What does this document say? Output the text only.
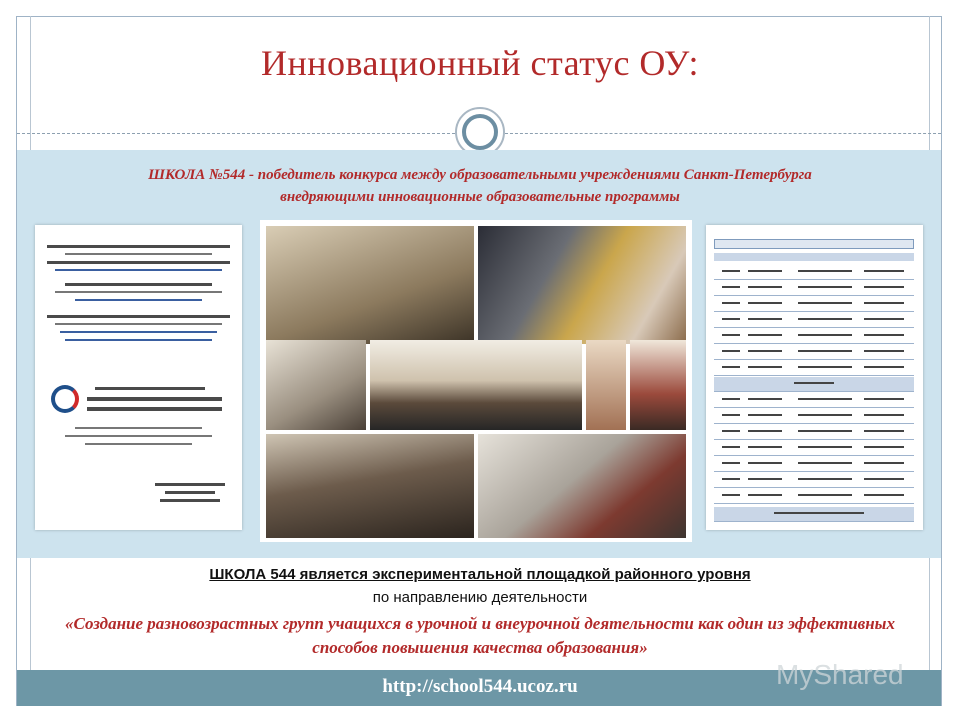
Инновационный статус ОУ:
ШКОЛА №544 - победитель конкурса между образовательными учреждениями Санкт-Петербурга
внедряющими инновационные образовательные программы
ШКОЛА 544 является экспериментальной площадкой районного уровня
по направлению деятельности
«Создание разновозрастных групп учащихся в урочной и внеурочной деятельности как один из эффективных способов повышения качества образования»
MyShared
http://school544.ucoz.ru
